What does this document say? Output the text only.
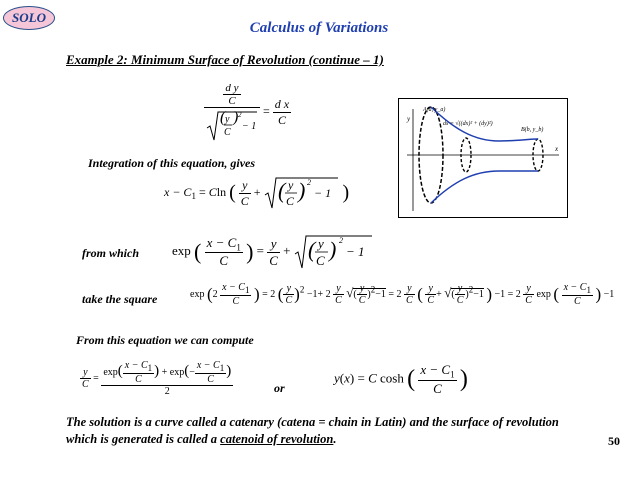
SOLO
Calculus of Variations
Example 2: Minimum Surface of Revolution (continue – 1)
$\frac{\text{d y}}{C}$
( y
C
) 2
− 1
= $\frac{\text{d x}}{C}$	y
x
A(a, y_a)
B(b, y_b)
ds = √((dx)² + (dy)²)
Integration of this equation, gives
$x - C_1 = Cln$ ( $\frac{y}{C}$ + ( y
C ) 2
− 1 )
from which	exp ( $\frac{x - C_1}{C}$ ) = $\frac{y}{C}$ + ( y
C ) 2
− 1
take the square	$\exp (2 \frac{x - C_1}{C}$ ) = 2 ( $\frac{y}{C} )^2 -1+ 2 \frac{y}{C}$ √( $\frac{y}{C} )^2-1 = 2 \frac{y}{C}$ ( $\frac{y}{C}$ + √( $\frac{y}{C} )^2-1$ ) $-1 = 2 \frac{y}{C}$ exp ( $\frac{x - C_1}{C}$ ) −1
From this equation we can compute
$\frac{y}{C} = \frac{\exp( \frac{x - C_1}{C} ) + \exp(- \frac{x - C_1}{C} )}{2}$	or
y(x) = C cosh ( $\frac{x - C_1}{C}$ )
The solution is a curve called a catenary (catena = chain in Latin) and the surface of revolution which is generated is called a catenoid of revolution.	50
